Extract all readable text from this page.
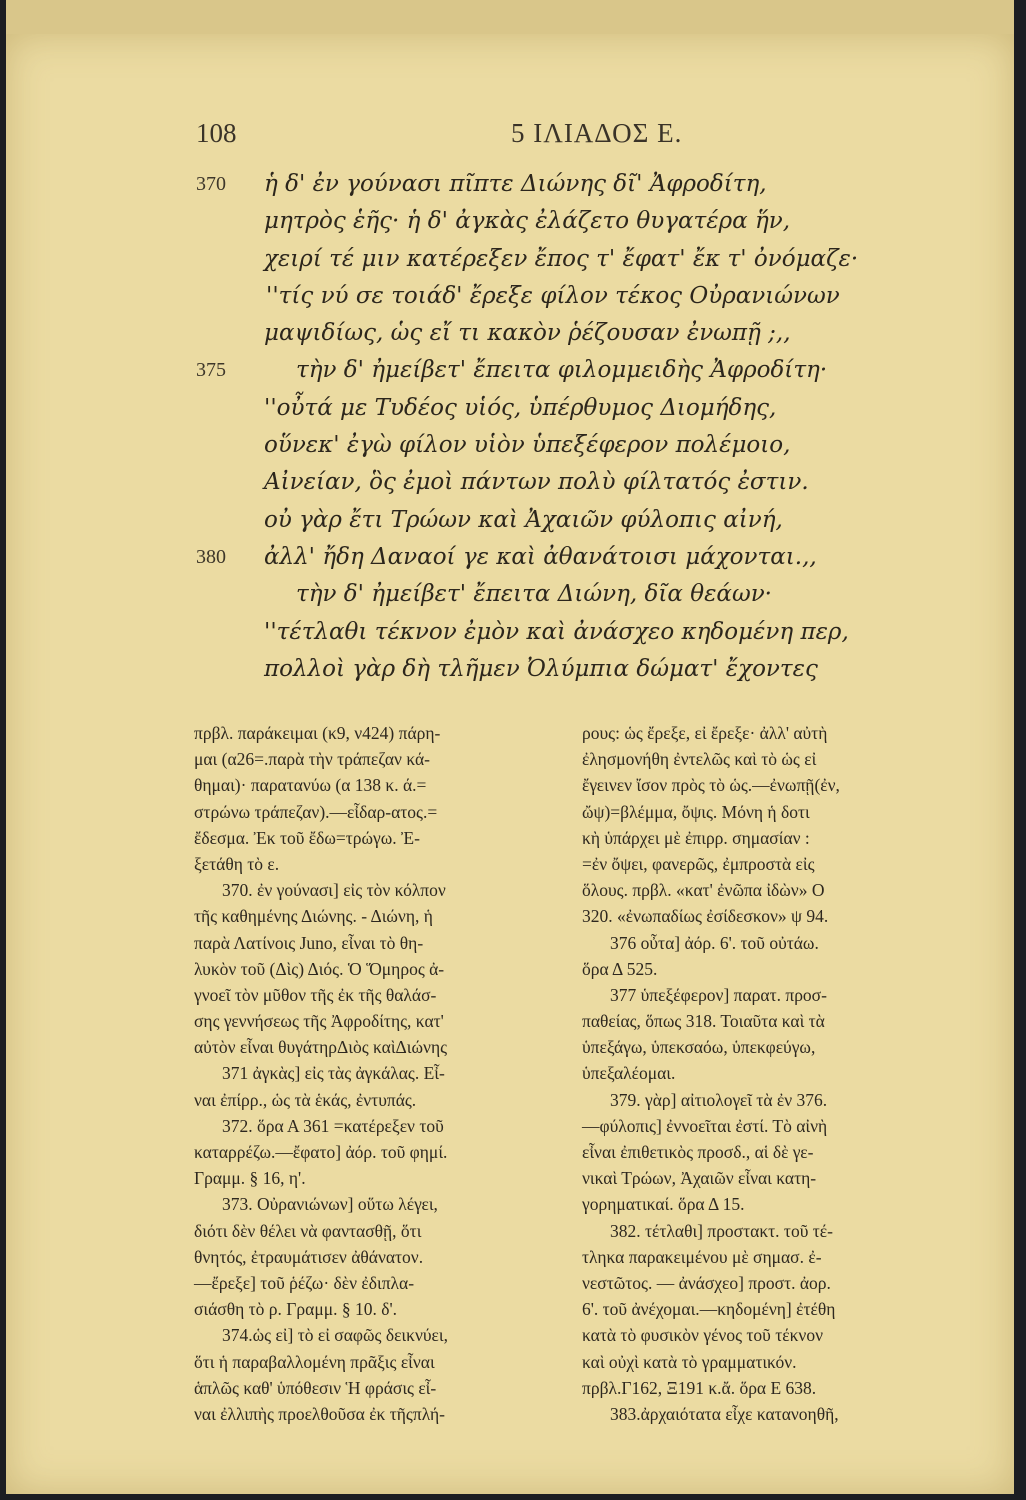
108	5 ΙΛΙΑΔΟΣ Ε.
370 ἡ δ' ἐν γούνασι πῖπτε Διώνης δῖ' Ἀφροδίτη,
μητρὸς ἑῆς· ἡ δ' ἀγκὰς ἐλάζετο θυγατέρα ἥν,
χειρί τέ μιν κατέρεξεν ἔπος τ' ἔφατ' ἔκ τ' ὀνόμαζε·
''τίς νύ σε τοιάδ' ἔρεξε φίλον τέκος Οὐρανιώνων
μαψιδίως, ὡς εἴ τι κακὸν ῥέζουσαν ἐνωπῇ ;,,
375	τὴν δ' ἠμείβετ' ἔπειτα φιλομμειδὴς Ἀφροδίτη·
''οὖτά με Τυδέος υἱός, ὑπέρθυμος Διομήδης,
οὕνεκ' ἐγὼ φίλον υἱὸν ὑπεξέφερον πολέμοιο,
Αἰνείαν, ὃς ἐμοὶ πάντων πολὺ φίλτατός ἐστιν.
οὐ γὰρ ἔτι Τρώων καὶ Ἀχαιῶν φύλοπις αἰνή,
380 ἀλλ' ἤδη Δαναοί γε καὶ ἀθανάτοισι μάχονται.,,
τὴν δ' ἠμείβετ' ἔπειτα Διώνη, δῖα θεάων·
''τέτλαθι τέκνον ἐμὸν καὶ ἀνάσχεο κηδομένη περ,
πολλοὶ γὰρ δὴ τλῆμεν Ὀλύμπια δώματ' ἔχοντες
πρβλ. παράκειμαι (κ9, ν424) πάρη-
μαι (α26=.παρὰ τὴν τράπεζαν κά-
θημαι)· παρατανύω (α 138 κ. ά.=
στρώνω τράπεζαν).—εἶδαρ-ατος.=
ἔδεσμα. Ἐκ τοῦ ἔδω=τρώγω. Ἐ-
ξετάθη τὸ ε.
370. ἐν γούνασι] εἰς τὸν κόλπον
τῆς καθημένης Διώνης. - Διώνη, ἡ
παρὰ Λατίνοις Juno, εἶναι τὸ θη-
λυκὸν τοῦ (Δὶς) Διός. Ὁ Ὅμηρος ἀ-
γνοεῖ τὸν μῦθον τῆς ἐκ τῆς θαλάσ-
σης γεννήσεως τῆς Ἀφροδίτης, κατ'
αὐτὸν εἶναι θυγάτηρΔιὸς καὶΔιώνης
371 ἀγκὰς] εἰς τὰς ἀγκάλας. Εἶ-
ναι ἐπίρρ., ὡς τὰ ἑκάς, ἐντυπάς.
372. ὅρα Α 361 =κατέρεξεν τοῦ
καταρρέζω.—ἔφατο] ἀόρ. τοῦ φημί.
Γραμμ. § 16, η'.
373. Οὐρανιώνων] οὕτω λέγει,
διότι δὲν θέλει νὰ φαντασθῇ, ὅτι
θνητός, ἐτραυμάτισεν ἀθάνατον.
—ἔρεξε] τοῦ ῥέζω· δὲν ἐδιπλα-
σιάσθη τὸ ρ. Γραμμ. § 10. δ'.
374.ὡς εἰ] τὸ εἰ σαφῶς δεικνύει,
ὅτι ἡ παραβαλλομένη πρᾶξις εἶναι
ἁπλῶς καθ' ὑπόθεσιν Ἡ φράσις εἶ-
ναι ἐλλιπὴς προελθοῦσα ἐκ τῆςπλή-
ρους: ὡς ἔρεξε, εἰ ἔρεξε· ἀλλ' αὐτὴ
ἐλησμονήθη ἐντελῶς καὶ τὸ ὡς εἰ
ἔγεινεν ἴσον πρὸς τὸ ὡς.—ἐνωπῇ(ἐν,
ὤψ)=βλέμμα, ὄψις. Μόνη ἡ δοτι
κὴ ὑπάρχει μὲ ἐπιρρ. σημασίαν :
=ἐν ὄψει, φανερῶς, ἐμπροστὰ εἰς
ὅλους. πρβλ. «κατ' ἐνῶπα ἰδὼν» Ο
320. «ἐνωπαδίως ἐσίδεσκον» ψ 94.
376 οὖτα] ἀόρ. 6'. τοῦ οὐτάω.
ὅρα Δ 525.
377 ὑπεξέφερον] παρατ. προσ-
παθείας, ὅπως 318. Τοιαῦτα καὶ τὰ
ὑπεξάγω, ὑπεκσαόω, ὑπεκφεύγω,
ὑπεξαλέομαι.
379. γὰρ] αἰτιολογεῖ τὰ ἐν 376.
—φύλοπις] ἐννοεῖται ἐστί. Τὸ αἰνὴ
εἶναι ἐπιθετικὸς προσδ., αἱ δὲ γε-
νικαὶ Τρώων, Ἀχαιῶν εἶναι κατη-
γορηματικαί. ὅρα Δ 15.
382. τέτλαθι] προστακτ. τοῦ τέ-
τληκα παρακειμένου μὲ σημασ. ἐ-
νεστῶτος. — ἀνάσχεο] προστ. ἀορ.
6'. τοῦ ἀνέχομαι.—κηδομένη] ἐτέθη
κατὰ τὸ φυσικὸν γένος τοῦ τέκνον
καὶ οὐχὶ κατὰ τὸ γραμματικόν.
πρβλ.Γ162, Ξ191 κ.ἄ. ὅρα Ε 638.
383.ἀρχαιότατα εἶχε κατανοηθῆ,
